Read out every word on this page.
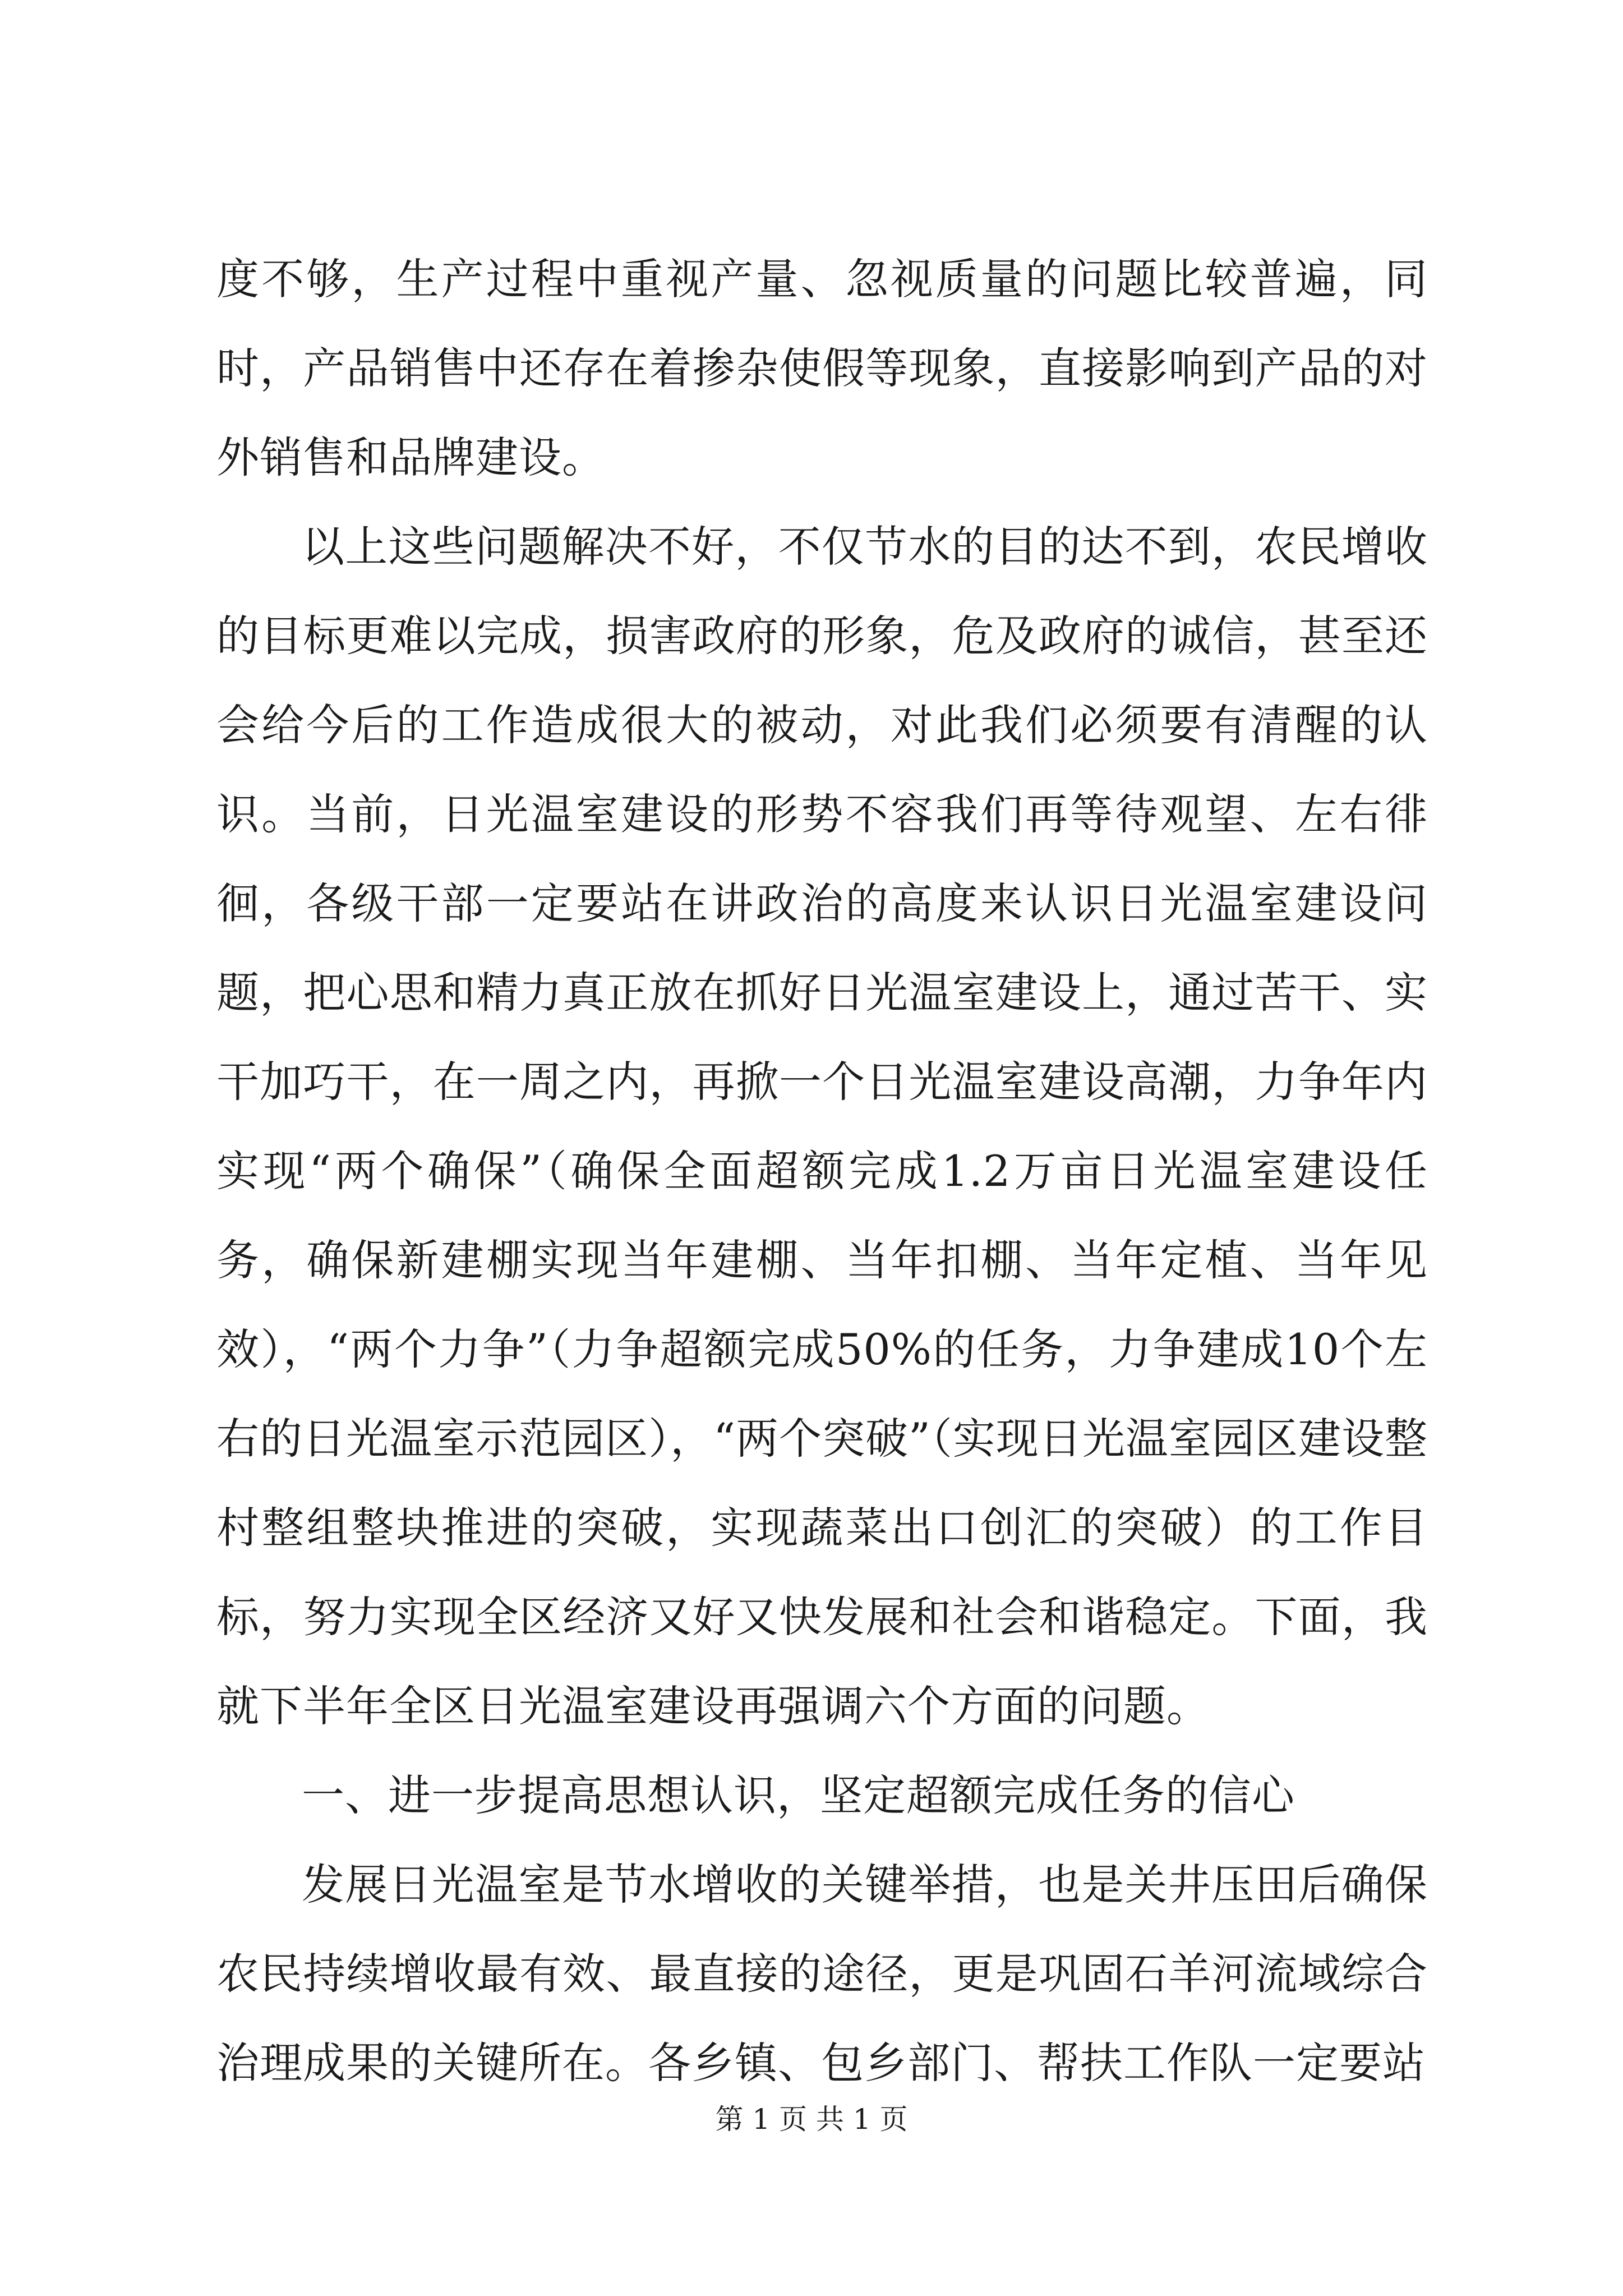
度不够，生产过程中重视产量、忽视质量的问题比较普遍，同时，产品销售中还存在着掺杂使假等现象，直接影响到产品的对外销售和品牌建设。

以上这些问题解决不好，不仅节水的目的达不到，农民增收的目标更难以完成，损害政府的形象，危及政府的诚信，甚至还会给今后的工作造成很大的被动，对此我们必须要有清醒的认识。当前，日光温室建设的形势不容我们再等待观望、左右徘徊，各级干部一定要站在讲政治的高度来认识日光温室建设问题，把心思和精力真正放在抓好日光温室建设上，通过苦干、实干加巧干，在一周之内，再掀一个日光温室建设高潮，力争年内实现“两个确保”（确保全面超额完成1.2万亩日光温室建设任务，确保新建棚实现当年建棚、当年扣棚、当年定植、当年见效），“两个力争”（力争超额完成50%的任务，力争建成10个左右的日光温室示范园区），“两个突破”（实现日光温室园区建设整村整组整块推进的突破，实现蔬菜出口创汇的突破）的工作目标，努力实现全区经济又好又快发展和社会和谐稳定。下面，我就下半年全区日光温室建设再强调六个方面的问题。

一、进一步提高思想认识，坚定超额完成任务的信心

发展日光温室是节水增收的关键举措，也是关井压田后确保农民持续增收最有效、最直接的途径，更是巩固石羊河流域综合治理成果的关键所在。各乡镇、包乡部门、帮扶工作队一定要站

第 1 页 共 1 页
